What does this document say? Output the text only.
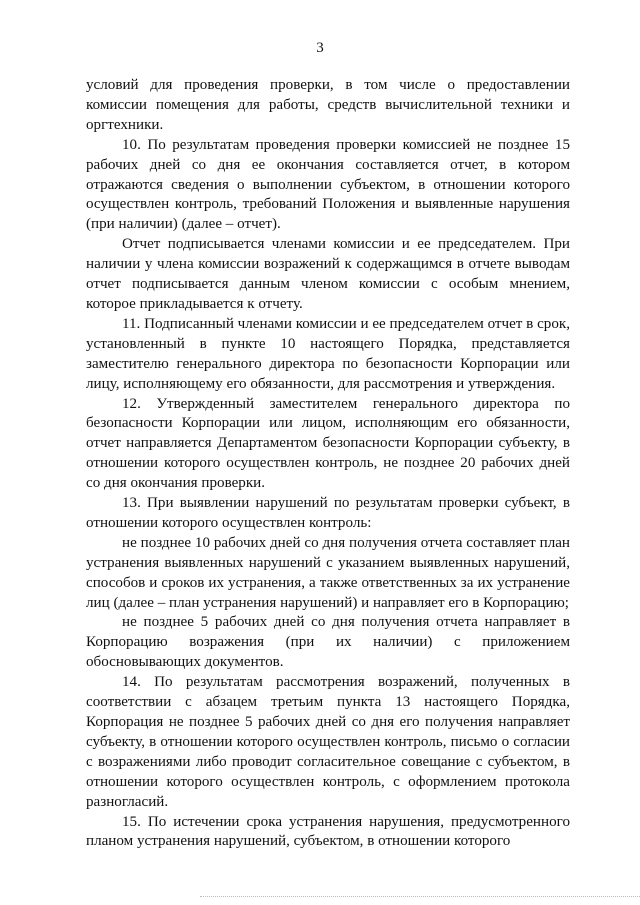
3

условий для проведения проверки, в том числе о предоставлении комиссии помещения для работы, средств вычислительной техники и оргтехники.

10. По результатам проведения проверки комиссией не позднее 15 рабочих дней со дня ее окончания составляется отчет, в котором отражаются сведения о выполнении субъектом, в отношении которого осуществлен контроль, требований Положения и выявленные нарушения (при наличии) (далее – отчет).

Отчет подписывается членами комиссии и ее председателем. При наличии у члена комиссии возражений к содержащимся в отчете выводам отчет подписывается данным членом комиссии с особым мнением, которое прикладывается к отчету.

11. Подписанный членами комиссии и ее председателем отчет в срок, установленный в пункте 10 настоящего Порядка, представляется заместителю генерального директора по безопасности Корпорации или лицу, исполняющему его обязанности, для рассмотрения и утверждения.

12. Утвержденный заместителем генерального директора по безопасности Корпорации или лицом, исполняющим его обязанности, отчет направляется Департаментом безопасности Корпорации субъекту, в отношении которого осуществлен контроль, не позднее 20 рабочих дней со дня окончания проверки.

13. При выявлении нарушений по результатам проверки субъект, в отношении которого осуществлен контроль:

не позднее 10 рабочих дней со дня получения отчета составляет план устранения выявленных нарушений с указанием выявленных нарушений, способов и сроков их устранения, а также ответственных за их устранение лиц (далее – план устранения нарушений) и направляет его в Корпорацию;

не позднее 5 рабочих дней со дня получения отчета направляет в Корпорацию возражения (при их наличии) с приложением обосновывающих документов.

14. По результатам рассмотрения возражений, полученных в соответствии с абзацем третьим пункта 13 настоящего Порядка, Корпорация не позднее 5 рабочих дней со дня его получения направляет субъекту, в отношении которого осуществлен контроль, письмо о согласии с возражениями либо проводит согласительное совещание с субъектом, в отношении которого осуществлен контроль, с оформлением протокола разногласий.

15. По истечении срока устранения нарушения, предусмотренного планом устранения нарушений, субъектом, в отношении которого
